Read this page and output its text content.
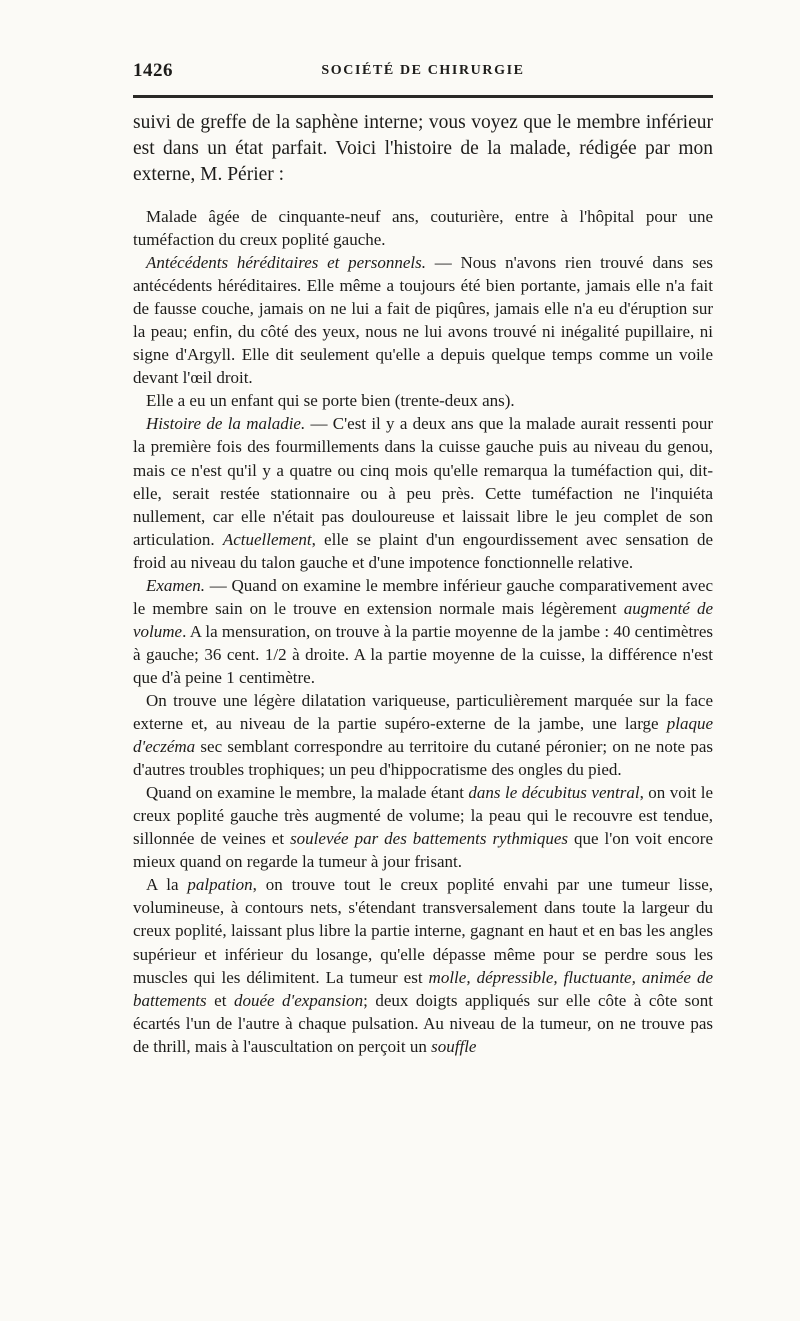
1426	SOCIÉTÉ DE CHIRURGIE

suivi de greffe de la saphène interne; vous voyez que le membre inférieur est dans un état parfait. Voici l'histoire de la malade, rédigée par mon externe, M. Périer :

Malade âgée de cinquante-neuf ans, couturière, entre à l'hôpital pour une tuméfaction du creux poplité gauche.

Antécédents héréditaires et personnels. — Nous n'avons rien trouvé dans ses antécédents héréditaires. Elle même a toujours été bien portante, jamais elle n'a fait de fausse couche, jamais on ne lui a fait de piqûres, jamais elle n'a eu d'éruption sur la peau; enfin, du côté des yeux, nous ne lui avons trouvé ni inégalité pupillaire, ni signe d'Argyll. Elle dit seulement qu'elle a depuis quelque temps comme un voile devant l'œil droit.

Elle a eu un enfant qui se porte bien (trente-deux ans).

Histoire de la maladie. — C'est il y a deux ans que la malade aurait ressenti pour la première fois des fourmillements dans la cuisse gauche puis au niveau du genou, mais ce n'est qu'il y a quatre ou cinq mois qu'elle remarqua la tuméfaction qui, dit-elle, serait restée stationnaire ou à peu près. Cette tuméfaction ne l'inquiéta nullement, car elle n'était pas douloureuse et laissait libre le jeu complet de son articulation. Actuellement, elle se plaint d'un engourdissement avec sensation de froid au niveau du talon gauche et d'une impotence fonctionnelle relative.

Examen. — Quand on examine le membre inférieur gauche comparativement avec le membre sain on le trouve en extension normale mais légèrement augmenté de volume. A la mensuration, on trouve à la partie moyenne de la jambe : 40 centimètres à gauche; 36 cent. 1/2 à droite. A la partie moyenne de la cuisse, la différence n'est que d'à peine 1 centimètre.

On trouve une légère dilatation variqueuse, particulièrement marquée sur la face externe et, au niveau de la partie supéro-externe de la jambe, une large plaque d'eczéma sec semblant correspondre au territoire du cutané péronier; on ne note pas d'autres troubles trophiques; un peu d'hippocratisme des ongles du pied.

Quand on examine le membre, la malade étant dans le décubitus ventral, on voit le creux poplité gauche très augmenté de volume; la peau qui le recouvre est tendue, sillonnée de veines et soulevée par des battements rythmiques que l'on voit encore mieux quand on regarde la tumeur à jour frisant.

A la palpation, on trouve tout le creux poplité envahi par une tumeur lisse, volumineuse, à contours nets, s'étendant transversalement dans toute la largeur du creux poplité, laissant plus libre la partie interne, gagnant en haut et en bas les angles supérieur et inférieur du losange, qu'elle dépasse même pour se perdre sous les muscles qui les délimitent. La tumeur est molle, dépressible, fluctuante, animée de battements et douée d'expansion; deux doigts appliqués sur elle côte à côte sont écartés l'un de l'autre à chaque pulsation. Au niveau de la tumeur, on ne trouve pas de thrill, mais à l'auscultation on perçoit un souffle
